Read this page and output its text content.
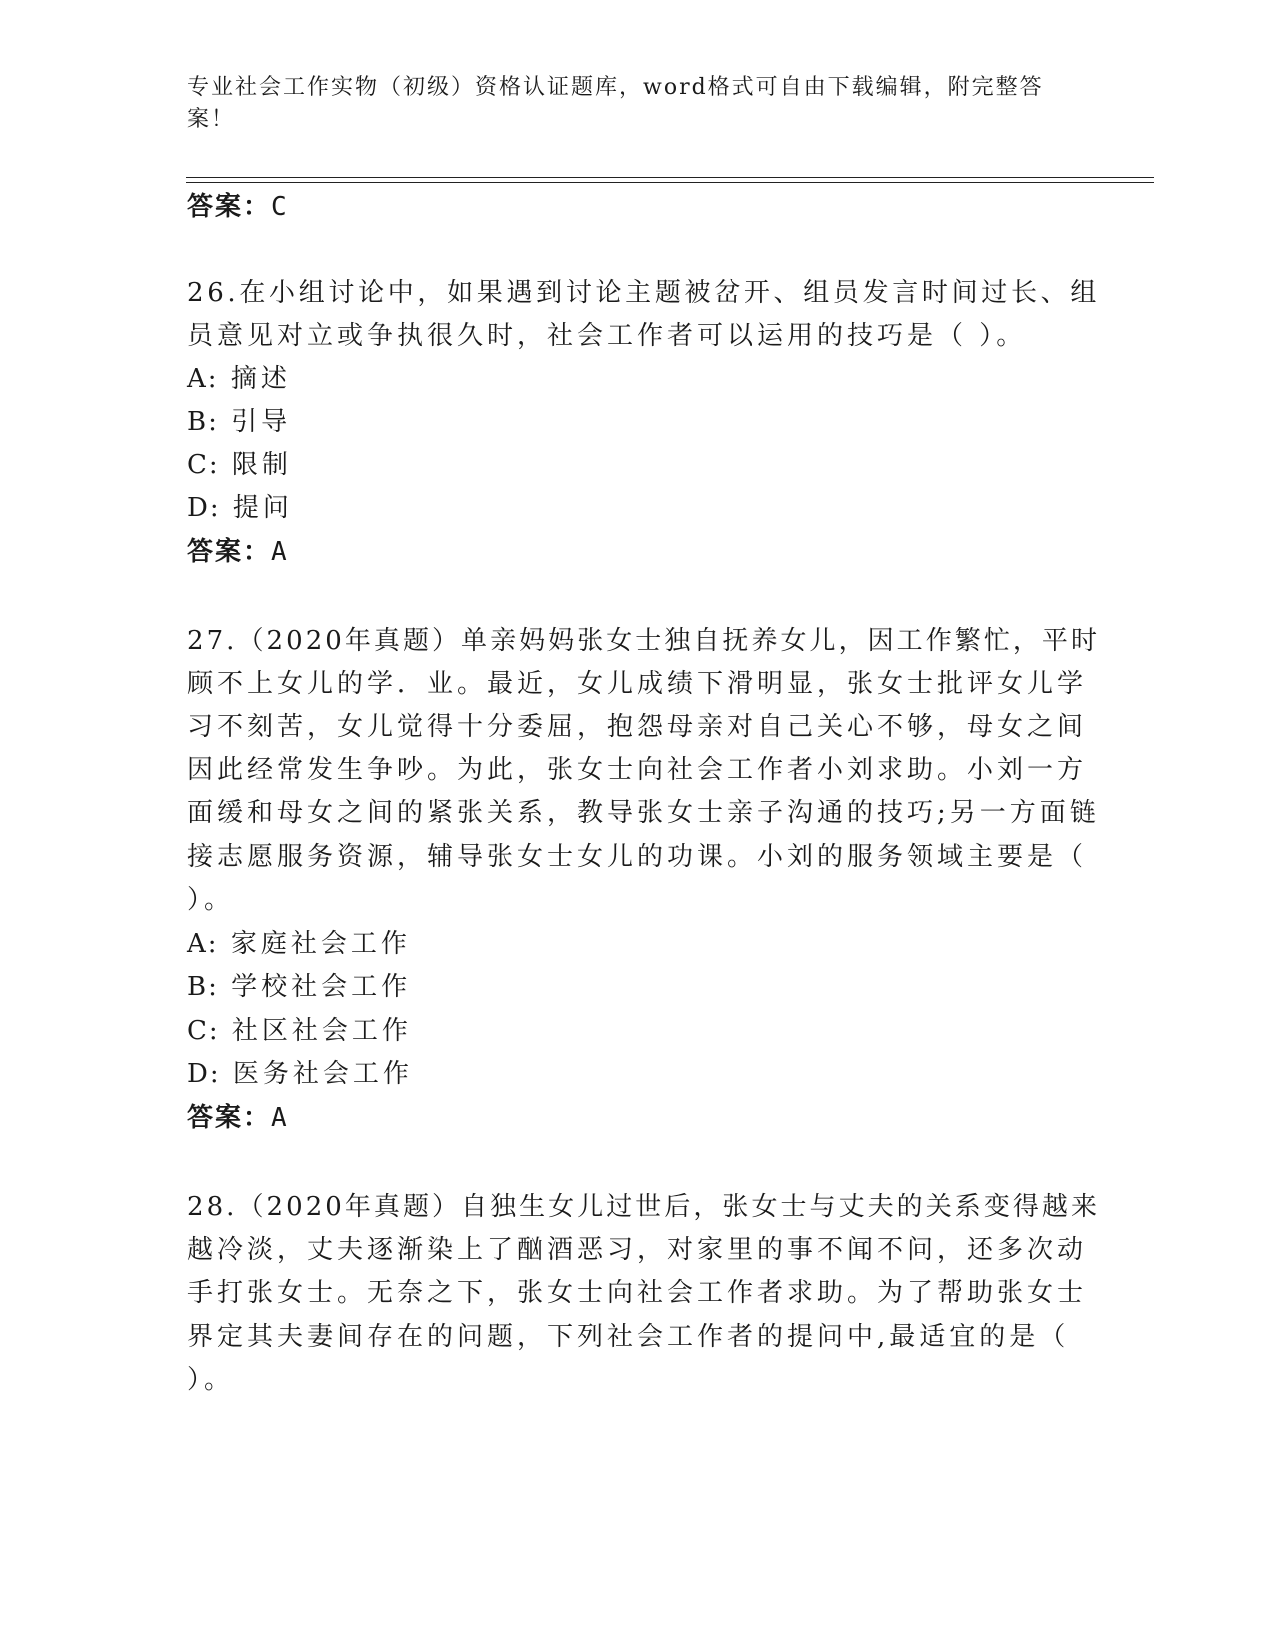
专业社会工作实物（初级）资格认证题库，word格式可自由下载编辑，附完整答案！
答案：C
26.在小组讨论中，如果遇到讨论主题被岔开、组员发言时间过长、组
员意见对立或争执很久时，社会工作者可以运用的技巧是（ ）。
A: 摘述
B: 引导
C: 限制
D: 提问
答案：A
27.（2020年真题）单亲妈妈张女士独自抚养女儿，因工作繁忙，平时
顾不上女儿的学．业。最近，女儿成绩下滑明显，张女士批评女儿学
习不刻苦，女儿觉得十分委屈，抱怨母亲对自己关心不够，母女之间
因此经常发生争吵。为此，张女士向社会工作者小刘求助。小刘一方
面缓和母女之间的紧张关系，教导张女士亲子沟通的技巧;另一方面链
接志愿服务资源，辅导张女士女儿的功课。小刘的服务领域主要是（
）。
A: 家庭社会工作
B: 学校社会工作
C: 社区社会工作
D: 医务社会工作
答案：A
28.（2020年真题）自独生女儿过世后，张女士与丈夫的关系变得越来
越冷淡，丈夫逐渐染上了酗酒恶习，对家里的事不闻不问，还多次动
手打张女士。无奈之下，张女士向社会工作者求助。为了帮助张女士
界定其夫妻间存在的问题，下列社会工作者的提问中,最适宜的是（
）。
